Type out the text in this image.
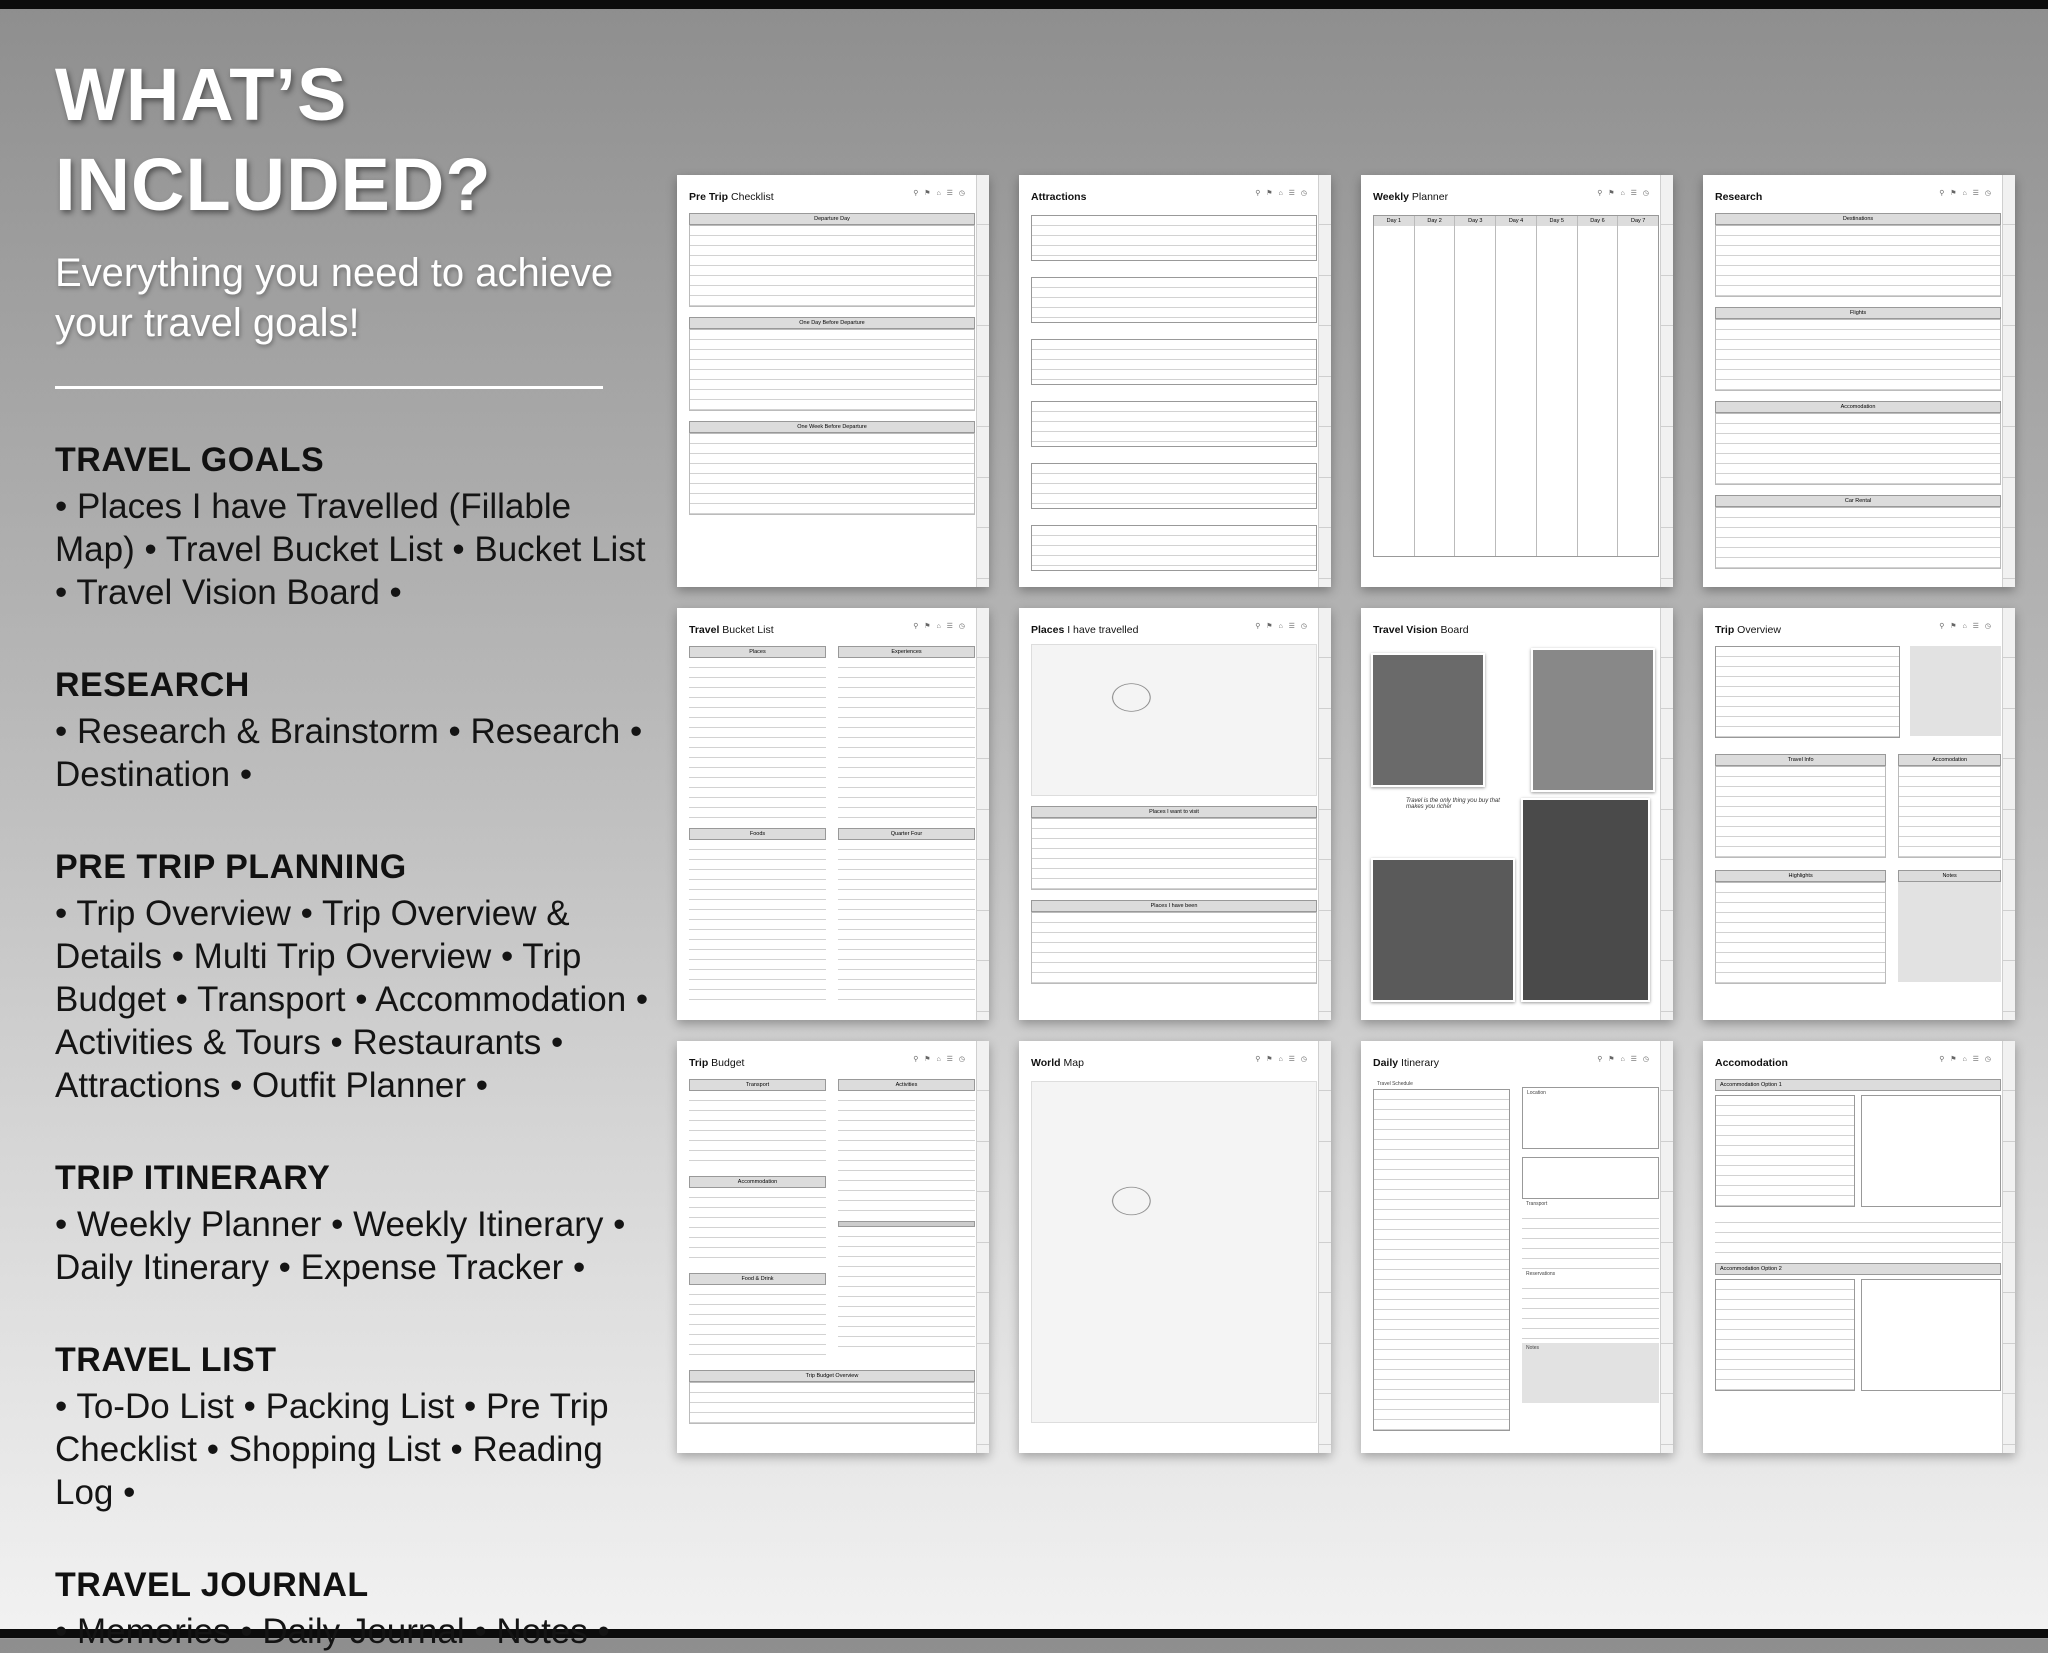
WHAT’S INCLUDED?
Everything you need to achieve your travel goals!
TRAVEL GOALS

• Places I have Travelled (Fillable Map) • Travel Bucket List • Bucket List • Travel Vision Board •

RESEARCH

• Research & Brainstorm • Research • Destination •

PRE TRIP PLANNING

• Trip Overview • Trip Overview & Details • Multi Trip Overview • Trip Budget • Transport • Accommodation • Activities & Tours • Restaurants • Attractions • Outfit Planner •

TRIP ITINERARY

• Weekly Planner • Weekly Itinerary • Daily Itinerary • Expense Tracker •

TRAVEL LIST

• To-Do List • Packing List • Pre Trip Checklist • Shopping List • Reading Log •

TRAVEL JOURNAL

• Memories • Daily Journal • Notes •

Pre Trip Checklist	⚲ ⚑ ⌂ ☰ ◷
Departure Day
One Day Before Departure
One Week Before Departure
Attractions	⚲ ⚑ ⌂ ☰ ◷	Weekly Planner	⚲ ⚑ ⌂ ☰ ◷
Day 1	Day 2	Day 3	Day 4	Day 5	Day 6	Day 7
Research	⚲ ⚑ ⌂ ☰ ◷
Destinations
Flights
Accomodation
Car Rental
Travel Bucket List	⚲ ⚑ ⌂ ☰ ◷
Places	Experiences
Foods	Quarter Four
Places I have travelled	⚲ ⚑ ⌂ ☰ ◷
Places I want to visit
Places I have been
Travel Vision Board
Travel is the only thing you buy that makes you richer
Trip Overview	⚲ ⚑ ⌂ ☰ ◷
Travel Info	Accomodation
Highlights	Notes
Trip Budget	⚲ ⚑ ⌂ ☰ ◷
Transport
Accommodation
Food & Drink
Activities
Trip Budget Overview
World Map	⚲ ⚑ ⌂ ☰ ◷	Daily Itinerary	⚲ ⚑ ⌂ ☰ ◷
Travel Schedule
Location
Transport
Reservations
Notes
Accomodation	⚲ ⚑ ⌂ ☰ ◷
Accommodation Option 1
Accommodation Option 2
